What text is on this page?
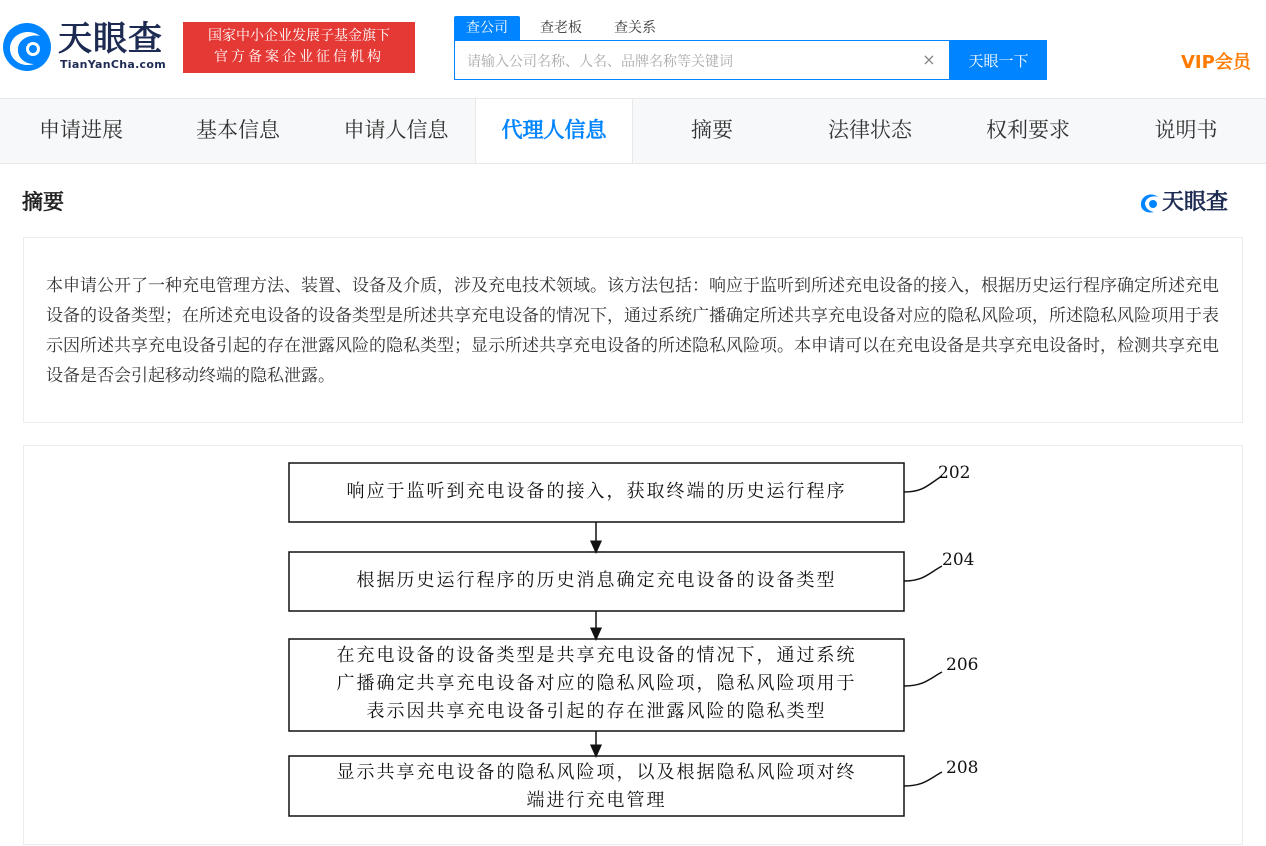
天眼查
TianYanCha.com
国家中小企业发展子基金旗下
官方备案企业征信机构
查公司	查老板 查关系
请输入公司名称、人名、品牌名称等关键词
×	天眼一下	VIP会员
申请进展	基本信息	申请人信息	代理人信息	摘要	法律状态	权利要求	说明书
摘要	天眼查

本申请公开了一种充电管理方法、装置、设备及介质，涉及充电技术领域。该方法包括：响应于监听到所述充电设备的接入，根据历史运行程序确定所述充电设备的设备类型；在所述充电设备的设备类型是所述共享充电设备的情况下，通过系统广播确定所述共享充电设备对应的隐私风险项，所述隐私风险项用于表示因所述共享充电设备引起的存在泄露风险的隐私类型；显示所述共享充电设备的所述隐私风险项。本申请可以在充电设备是共享充电设备时，检测共享充电设备是否会引起移动终端的隐私泄露。

响应于监听到充电设备的接入，获取终端的历史运行程序
根据历史运行程序的历史消息确定充电设备的设备类型
在充电设备的设备类型是共享充电设备的情况下，通过系统
广播确定共享充电设备对应的隐私风险项，隐私风险项用于
表示因共享充电设备引起的存在泄露风险的隐私类型
显示共享充电设备的隐私风险项，以及根据隐私风险项对终
端进行充电管理
202
204
206
208
